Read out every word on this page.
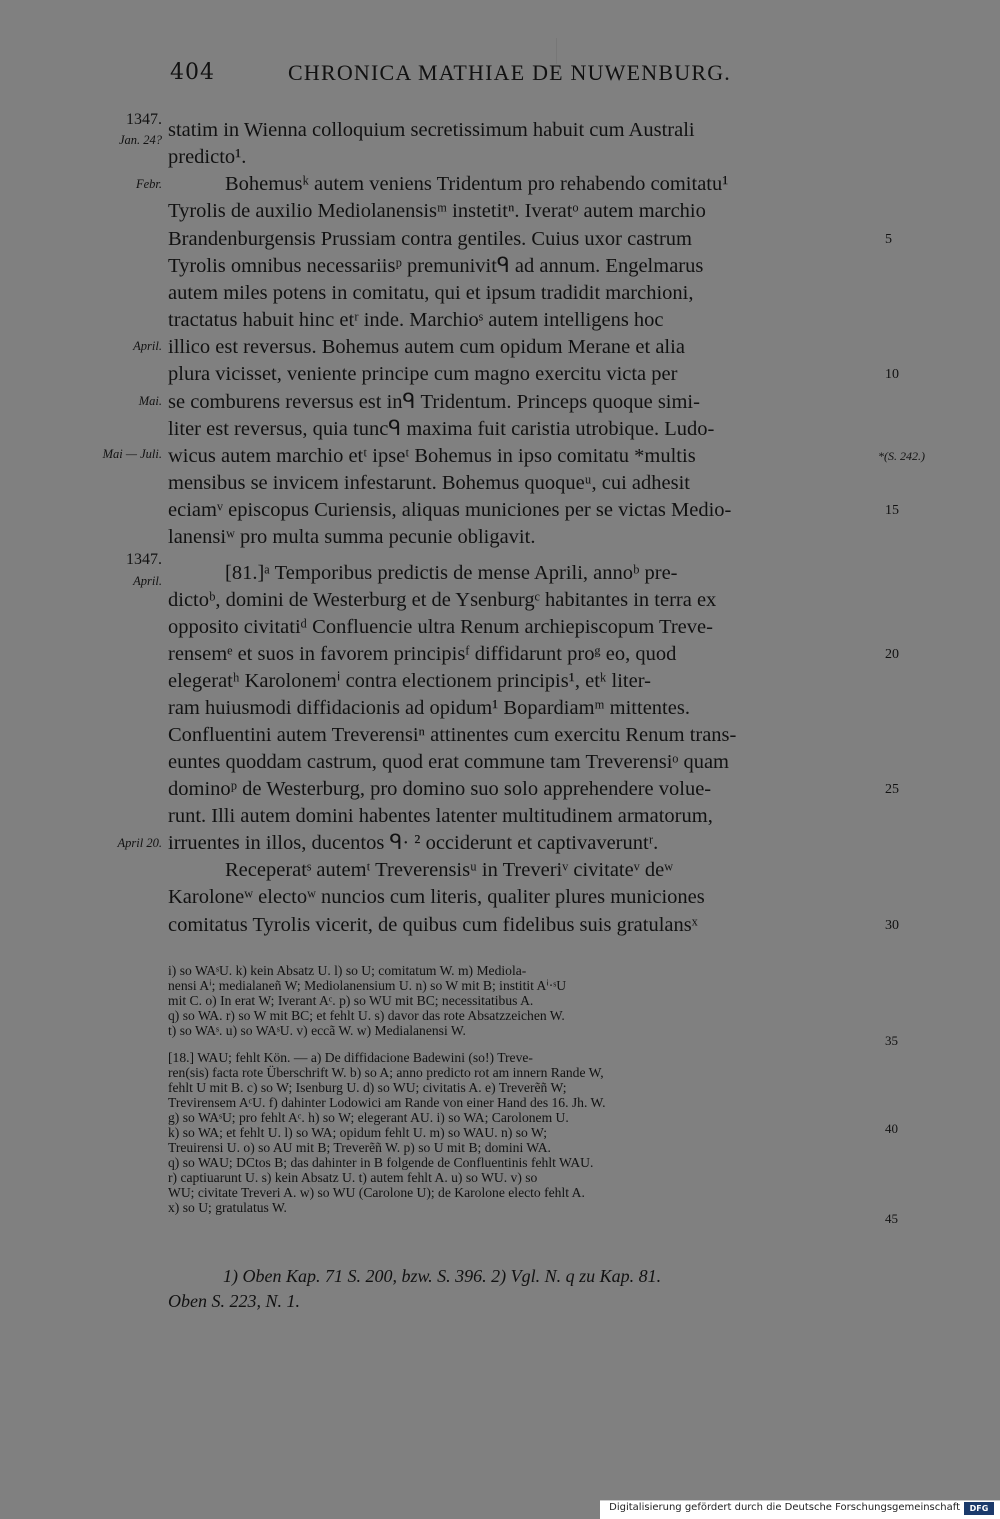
404	CHRONICA MATHIAE DE NUWENBURG.
1347.
Jan. 24?
Febr.
April.
Mai.
Mai — Juli.
1347.
April.
April 20.
statim in Wienna colloquium secretissimum habuit cum Australi
predicto¹.
Bohemusᵏ autem veniens Tridentum pro rehabendo comitatu¹
Tyrolis de auxilio Mediolanensisᵐ instetitⁿ. Iveratᵒ autem marchio
Brandenburgensis Prussiam contra gentiles. Cuius uxor castrum
Tyrolis omnibus necessariisᵖ premunivitᑫ ad annum. Engelmarus
autem miles potens in comitatu, qui et ipsum tradidit marchioni,
tractatus habuit hinc etʳ inde. Marchioˢ autem intelligens hoc
illico est reversus. Bohemus autem cum opidum Merane et alia
plura vicisset, veniente principe cum magno exercitu victa per
se comburens reversus est inᑫ Tridentum. Princeps quoque simi-
liter est reversus, quia tuncᑫ maxima fuit caristia utrobique. Ludo-
wicus autem marchio etᵗ ipseᵗ Bohemus in ipso comitatu *multis
mensibus se invicem infestarunt. Bohemus quoqueᵘ, cui adhesit
eciamᵛ episcopus Curiensis, aliquas municiones per se victas Medio-
lanensiʷ pro multa summa pecunie obligavit.
[81.]ᵃ Temporibus predictis de mense Aprili, annoᵇ pre-
dictoᵇ, domini de Westerburg et de Ysenburgᶜ habitantes in terra ex
opposito civitatiᵈ Confluencie ultra Renum archiepiscopum Treve-
rensemᵉ et suos in favorem principisᶠ diffidarunt proᵍ eo, quod
elegeratʰ Karolonemⁱ contra electionem principis¹, etᵏ liter-
ram huiusmodi diffidacionis ad opidum¹ Bopardiamᵐ mittentes.
Confluentini autem Treverensiⁿ attinentes cum exercitu Renum trans-
euntes quoddam castrum, quod erat commune tam Treverensiᵒ quam
dominoᵖ de Westerburg, pro domino suo solo apprehendere volue-
runt. Illi autem domini habentes latenter multitudinem armatorum,
irruentes in illos, ducentos ᑫ· ² occiderunt et captivaveruntʳ.
Receperatˢ autemᵗ Treverensisᵘ in Treveriᵛ civitateᵛ deʷ
Karoloneʷ electoʷ nuncios cum literis, qualiter plures municiones
comitatus Tyrolis vicerit, de quibus cum fidelibus suis gratulansˣ
5
10
*(S. 242.)
15
20
25
30
i) so WAˢU. k) kein Absatz U. l) so U; comitatum W. m) Mediola-
nensi Aⁱ; medialaneñ W; Mediolanensium U. n) so W mit B; institit Aⁱ·ˢU
mit C. o) In erat W; Iverant Aᶜ. p) so WU mit BC; necessitatibus A.
q) so WA. r) so W mit BC; et fehlt U. s) davor das rote Absatzzeichen W.
t) so WAˢ. u) so WAˢU. v) eccã W. w) Medialanensi W.
[18.] WAU; fehlt Kön. — a) De diffidacione Badewini (so!) Treve-
ren(sis) facta rote Überschrift W. b) so A; anno predicto rot am innern Rande W,
fehlt U mit B. c) so W; Isenburg U. d) so WU; civitatis A. e) Treverẽñ W;
Trevirensem AᶜU. f) dahinter Lodowici am Rande von einer Hand des 16. Jh. W.
g) so WAˢU; pro fehlt Aᶜ. h) so W; elegerant AU. i) so WA; Carolonem U.
k) so WA; et fehlt U. l) so WA; opidum fehlt U. m) so WAU. n) so W;
Treuirensi U. o) so AU mit B; Treverẽñ W. p) so U mit B; domini WA.
q) so WAU; DCtos B; das dahinter in B folgende de Confluentinis fehlt WAU.
r) captiuarunt U. s) kein Absatz U. t) autem fehlt A. u) so WU. v) so
WU; civitate Treveri A. w) so WU (Carolone U); de Karolone electo fehlt A.
x) so U; gratulatus W.
35
40
45
1) Oben Kap. 71 S. 200, bzw. S. 396. 2) Vgl. N. q zu Kap. 81.
Oben S. 223, N. 1.
Digitalisierung gefördert durch die Deutsche Forschungsgemeinschaft	DFG
